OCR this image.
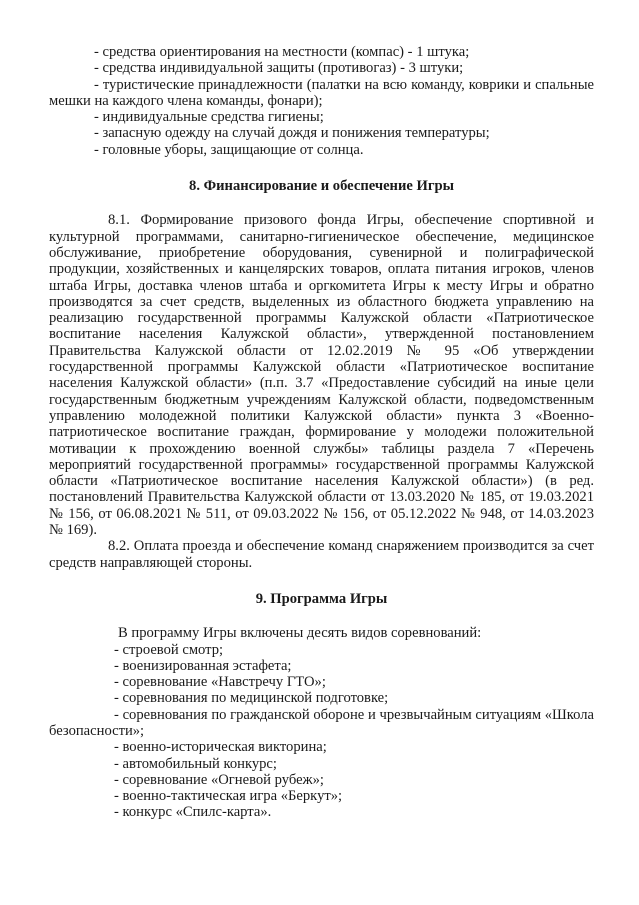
- средства ориентирования на местности (компас) - 1 штука;

- средства индивидуальной защиты (противогаз) - 3 штуки;

- туристические принадлежности (палатки на всю команду, коврики и спальные

мешки на каждого члена команды, фонари);

- индивидуальные средства гигиены;

- запасную одежду на случай дождя и понижения температуры;

- головные уборы, защищающие от солнца.

8. Финансирование и обеспечение Игры

8.1. Формирование призового фонда Игры, обеспечение спортивной и

культурной программами, санитарно-гигиеническое обеспечение, медицинское обслуживание, приобретение оборудования, сувенирной и полиграфической продукции, хозяйственных и канцелярских товаров, оплата питания игроков, членов штаба Игры, доставка членов штаба и оргкомитета Игры к месту Игры и обратно производятся за счет средств, выделенных из областного бюджета управлению на реализацию государственной программы Калужской области «Патриотическое воспитание населения Калужской области», утвержденной постановлением Правительства Калужской области от 12.02.2019 № 95 «Об утверждении государственной программы Калужской области «Патриотическое воспитание населения Калужской области» (п.п. 3.7 «Предоставление субсидий на иные цели государственным бюджетным учреждениям Калужской области, подведомственным управлению молодежной политики Калужской области» пункта 3 «Военно-патриотическое воспитание граждан, формирование у молодежи положительной мотивации к прохождению военной службы» таблицы раздела 7 «Перечень мероприятий государственной программы» государственной программы Калужской области «Патриотическое воспитание населения Калужской области») (в ред. постановлений Правительства Калужской области от 13.03.2020 № 185, от 19.03.2021 № 156, от 06.08.2021 № 511, от 09.03.2022 № 156, от 05.12.2022 № 948, от 14.03.2023 № 169).

8.2. Оплата проезда и обеспечение команд снаряжением производится за счет

средств направляющей стороны.

9. Программа Игры

В программу Игры включены десять видов соревнований:

- строевой смотр;

- военизированная эстафета;

- соревнование «Навстречу ГТО»;

- соревнования по медицинской подготовке;

- соревнования по гражданской обороне и чрезвычайным ситуациям «Школа

безопасности»;

- военно-историческая викторина;

- автомобильный конкурс;

- соревнование «Огневой рубеж»;

- военно-тактическая игра «Беркут»;

- конкурс «Спилс-карта».
